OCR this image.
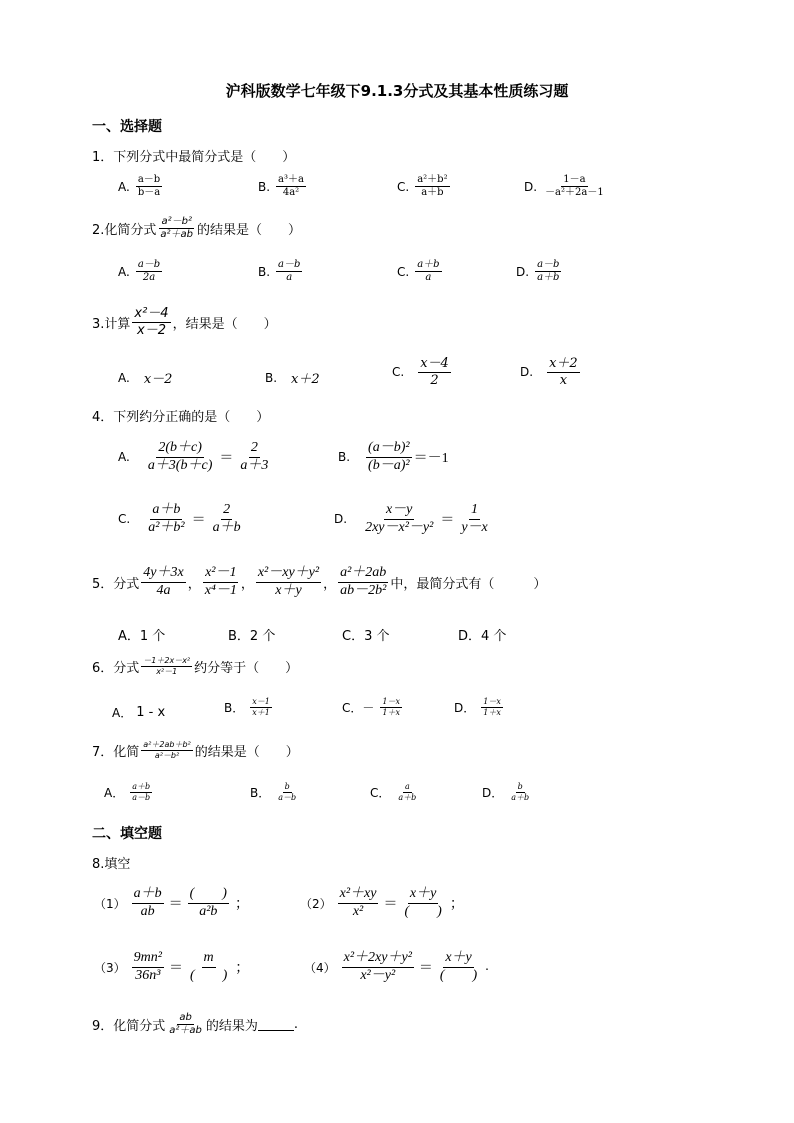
沪科版数学七年级下9.1.3分式及其基本性质练习题
一、选择题
1．下列分式中最简分式是（　　）
A. $\frac{a-b}{b-a}$	B. $\frac{\text{a³＋a}}{\text{4a²}}$	C. $\frac{\text{a²＋b²}}{a+b}$	D. $\frac{1-a}{\text{－a²＋2a－1}}$
2.化简分式 $\frac{\text{a²－b²}}{\text{a²＋ab}}$ 的结果是（　　）
A. $\frac{a-b}{2a}$	B. $\frac{a-b}{a}$	C. $\frac{a+b}{a}$	D. $\frac{a-b}{a+b}$
3.计算 $\frac{\text{x²－4}}{x-2}$ ，结果是（　　）
A. x－2	B. x＋2	C. $\frac{x-4}{2}$	D. $\frac{x+2}{x}$
4．下列约分正确的是（　　）
A. $\frac{2(b+c)}{a+3(b+c)} = \frac{2}{a+3}$	B. $\frac{\text{(a－b)²}}{\text{(b－a)²}} =-1$
C. $\frac{a+b}{\text{a²＋b²}} = \frac{2}{a+b}$	D. $\frac{x-y}{\text{2xy－x²－y²}} = \frac{1}{y-x}$
5．分式 $\frac{4y+3x}{4a}$ ， $\frac{\text{x²－1}}{\text{x⁴－1}}$ ， $\frac{\text{x²－xy＋y²}}{x+y}$ ， $\frac{\text{a²＋2ab}}{\text{ab－2b²}}$ 中，最简分式有（　　　）
A．1 个	B．2 个	C．3 个	D．4 个
6．分式 $\frac{\text{－1＋2x－x²}}{\text{x²－1}}$ 约分等于（　　）
A． 1 - x	B． $\frac{x-1}{x+1}$	C．－ $\frac{1-x}{1+x}$	D． $\frac{1-x}{1+x}$
7．化简 $\frac{\text{a²＋2ab＋b²}}{\text{a²－b²}}$ 的结果是（　　）
A． $\frac{a+b}{a-b}$	B． $\frac{b}{a-b}$	C． $\frac{a}{a+b}$	D． $\frac{b}{a+b}$
二、填空题
8.填空
$(1) \frac{a+b}{ab} = \frac{( )}{\text{a²b}}$ ；	$(2) \frac{\text{x²＋xy}}{\text{x²}} = \frac{x+y}{( )}$ ；
$(3) \frac{\text{9mn²}}{\text{36n³}} = \frac{m}{( )}$ ；	$(4) \frac{\text{x²＋2xy＋y²}}{\text{x²－y²}} = \frac{x+y}{( )}$ .
9．化简分式 $\frac{ab}{\text{a²＋ab}}$ 的结果为	.
